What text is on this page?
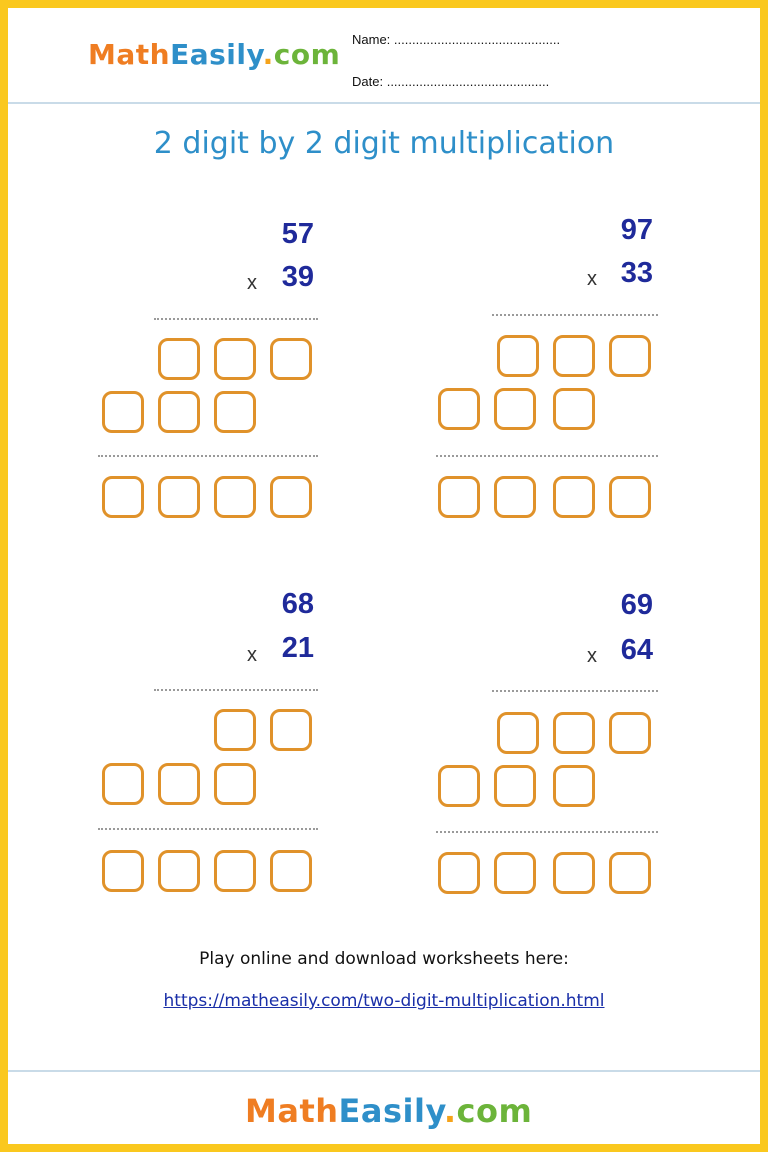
MathEasily.com Name: ..............................................
Date: .............................................
2 digit by 2 digit multiplication
57
x 39
97
x 33
68
x 21
69
x 64
Play online and download worksheets here:
https://matheasily.com/two-digit-multiplication.html
MathEasily.com
